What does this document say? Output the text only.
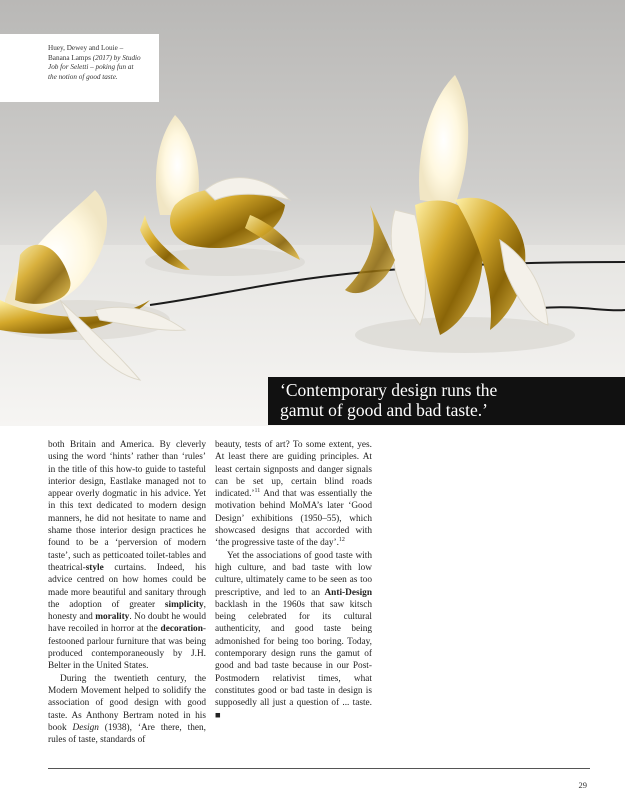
Huey, Dewey and Louie –
Banana Lamps (2017) by Studio
Job for Seletti – poking fun at
the notion of good taste.
‘Contemporary design runs the
gamut of good and bad taste.’

both Britain and America. By cleverly using the word ‘hints’ rather than ‘rules’ in the title of this how-to guide to tasteful interior design, Eastlake managed not to appear overly dogmatic in his advice. Yet in this text dedicated to modern design manners, he did not hesitate to name and shame those interior design practices he found to be a ‘perversion of modern taste’, such as petticoated toilet-tables and theatrical-style curtains. Indeed, his advice centred on how homes could be made more beautiful and sanitary through the adoption of greater simplicity, honesty and morality. No doubt he would have recoiled in horror at the decoration-festooned parlour furniture that was being produced contemporaneously by J.H. Belter in the United States.

During the twentieth century, the Modern Movement helped to solidify the association of good design with good taste. As Anthony Bertram noted in his book Design (1938), ‘Are there, then, rules of taste, standards of

beauty, tests of art? To some extent, yes. At least there are guiding principles. At least certain signposts and danger signals can be set up, certain blind roads indicated.’$^{11}$ And that was essentially the motivation behind MoMA’s later ‘Good Design’ exhibitions (1950–55), which showcased designs that accorded with ‘the progressive taste of the day’.$^{12}$

Yet the associations of good taste with high culture, and bad taste with low culture, ultimately came to be seen as too prescriptive, and led to an Anti-Design backlash in the 1960s that saw kitsch being celebrated for its cultural authenticity, and good taste being admonished for being too boring. Today, contemporary design runs the gamut of good and bad taste because in our Post-Postmodern relativist times, what constitutes good or bad taste in design is supposedly all just a question of ... taste. ■

29
